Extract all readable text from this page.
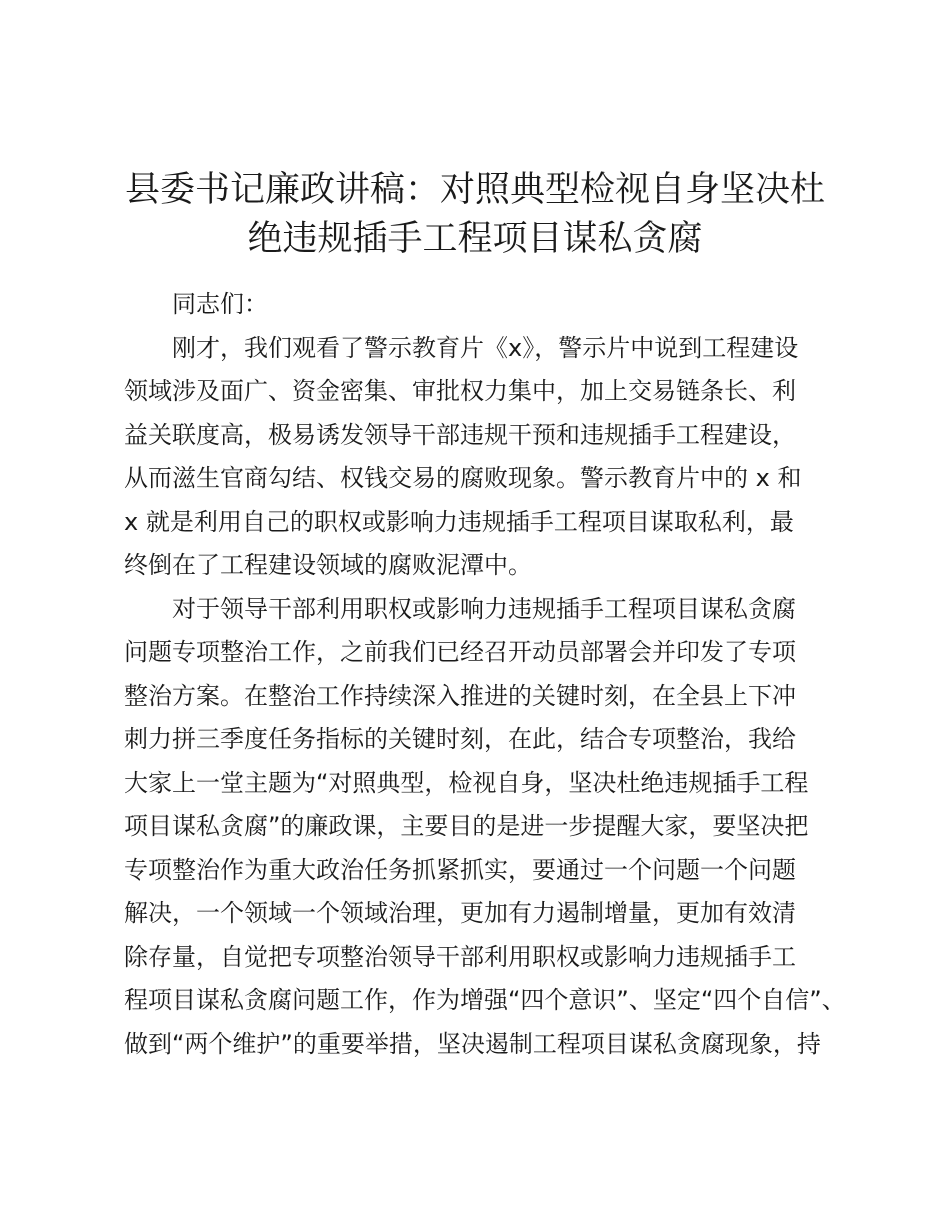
县委书记廉政讲稿：对照典型检视自身坚决杜
绝违规插手工程项目谋私贪腐
同志们：
刚才，我们观看了警示教育片《x》，警示片中说到工程建设
领域涉及面广、资金密集、审批权力集中，加上交易链条长、利
益关联度高，极易诱发领导干部违规干预和违规插手工程建设，
从而滋生官商勾结、权钱交易的腐败现象。警示教育片中的 x 和
x 就是利用自己的职权或影响力违规插手工程项目谋取私利，最
终倒在了工程建设领域的腐败泥潭中。
对于领导干部利用职权或影响力违规插手工程项目谋私贪腐
问题专项整治工作，之前我们已经召开动员部署会并印发了专项
整治方案。在整治工作持续深入推进的关键时刻，在全县上下冲
刺力拼三季度任务指标的关键时刻，在此，结合专项整治，我给
大家上一堂主题为“对照典型，检视自身，坚决杜绝违规插手工程
项目谋私贪腐”的廉政课，主要目的是进一步提醒大家，要坚决把
专项整治作为重大政治任务抓紧抓实，要通过一个问题一个问题
解决，一个领域一个领域治理，更加有力遏制增量，更加有效清
除存量，自觉把专项整治领导干部利用职权或影响力违规插手工
程项目谋私贪腐问题工作，作为增强“四个意识”、坚定“四个自信”、
做到“两个维护”的重要举措，坚决遏制工程项目谋私贪腐现象，持
